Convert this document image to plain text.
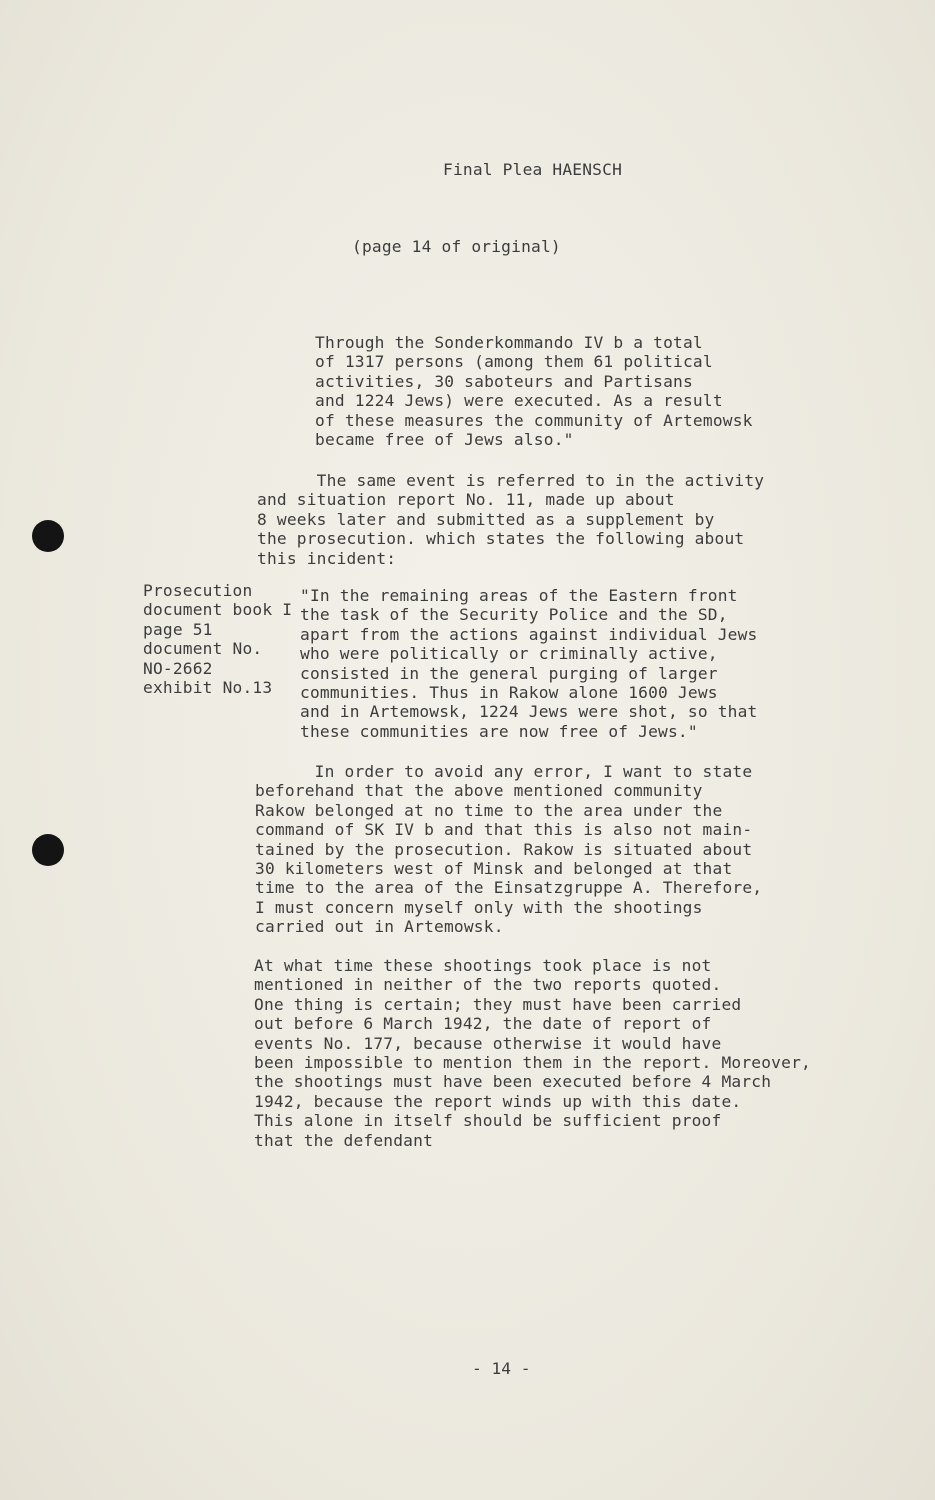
Final Plea HAENSCH
(page 14 of original)
Through the Sonderkommando IV b a total
of 1317 persons (among them 61 political
activities, 30 saboteurs and Partisans
and 1224 Jews) were executed. As a result
of these measures the community of Artemowsk
became free of Jews also."
The same event is referred to in the activity
and situation report No. 11, made up about
8 weeks later and submitted as a supplement by
the prosecution. which states the following about
this incident:
Prosecution
document book I
page 51
document No.
NO-2662
exhibit No.13
"In the remaining areas of the Eastern front
the task of the Security Police and the SD,
apart from the actions against individual Jews
who were politically or criminally active,
consisted in the general purging of larger
communities. Thus in Rakow alone 1600 Jews
and in Artemowsk, 1224 Jews were shot, so that
these communities are now free of Jews."
In order to avoid any error, I want to state
beforehand that the above mentioned community
Rakow belonged at no time to the area under the
command of SK IV b and that this is also not main-
tained by the prosecution. Rakow is situated about
30 kilometers west of Minsk and belonged at that
time to the area of the Einsatzgruppe A. Therefore,
I must concern myself only with the shootings
carried out in Artemowsk.
At what time these shootings took place is not
mentioned in neither of the two reports quoted.
One thing is certain; they must have been carried
out before 6 March 1942, the date of report of
events No. 177, because otherwise it would have
been impossible to mention them in the report. Moreover,
the shootings must have been executed before 4 March
1942, because the report winds up with this date.
This alone in itself should be sufficient proof
that the defendant
- 14 -
